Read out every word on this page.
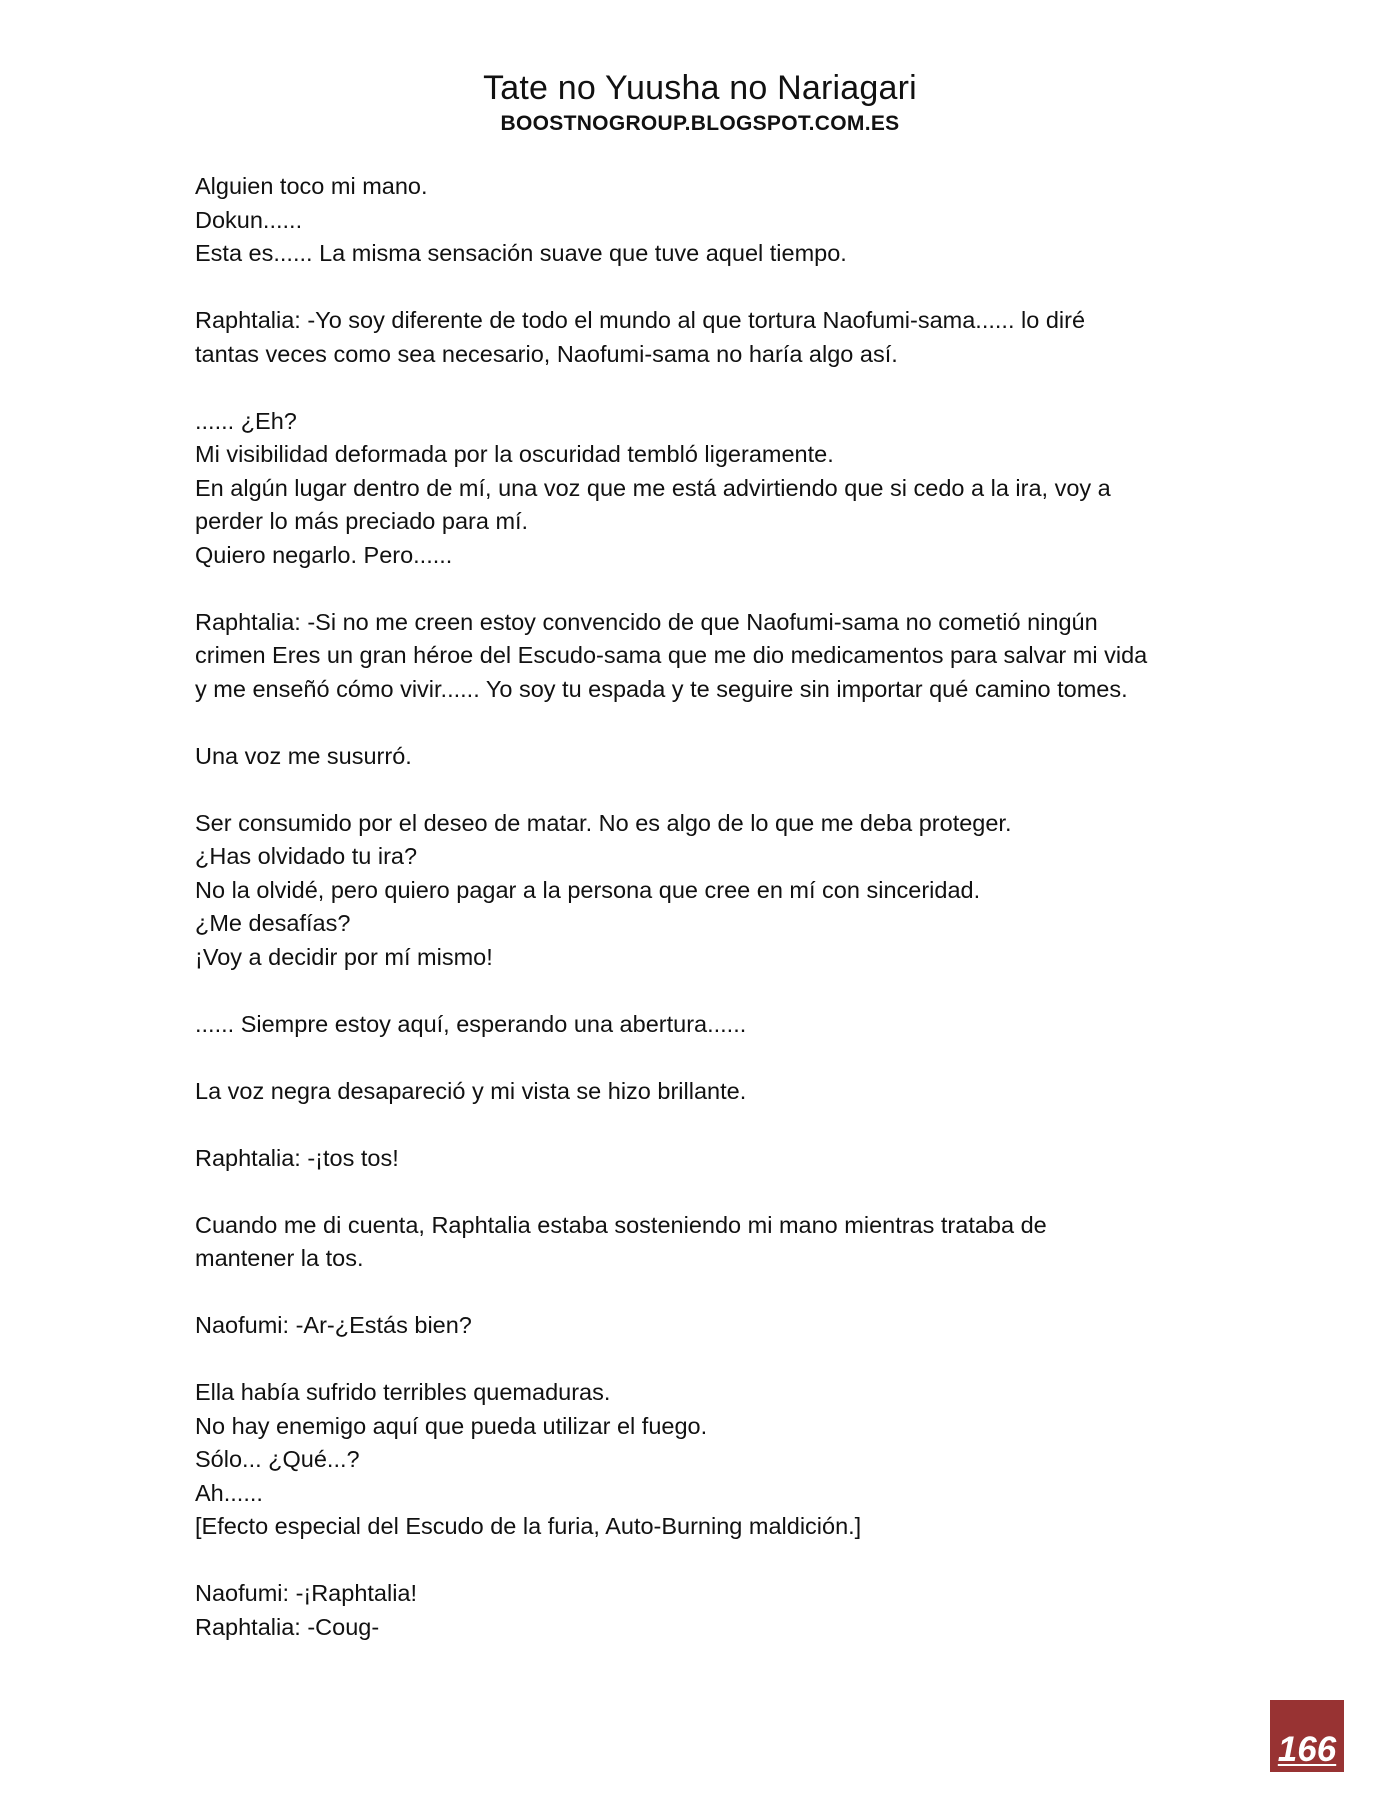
Tate no Yuusha no Nariagari
BOOSTNOGROUP.BLOGSPOT.COM.ES
Alguien toco mi mano.
Dokun......
Esta es...... La misma sensación suave que tuve aquel tiempo.
Raphtalia: -Yo soy diferente de todo el mundo al que tortura Naofumi-sama...... lo diré
tantas veces como sea necesario, Naofumi-sama no haría algo así.
...... ¿Eh?
Mi visibilidad deformada por la oscuridad tembló ligeramente.
En algún lugar dentro de mí, una voz que me está advirtiendo que si cedo a la ira, voy a
perder lo más preciado para mí.
Quiero negarlo. Pero......
Raphtalia: -Si no me creen estoy convencido de que Naofumi-sama no cometió ningún
crimen Eres un gran héroe del Escudo-sama que me dio medicamentos para salvar mi vida
y me enseñó cómo vivir...... Yo soy tu espada y te seguire sin importar qué camino tomes.
Una voz me susurró.
Ser consumido por el deseo de matar. No es algo de lo que me deba proteger.
¿Has olvidado tu ira?
No la olvidé, pero quiero pagar a la persona que cree en mí con sinceridad.
¿Me desafías?
¡Voy a decidir por mí mismo!
...... Siempre estoy aquí, esperando una abertura......
La voz negra desapareció y mi vista se hizo brillante.
Raphtalia: -¡tos tos!
Cuando me di cuenta, Raphtalia estaba sosteniendo mi mano mientras trataba de
mantener la tos.
Naofumi: -Ar-¿Estás bien?
Ella había sufrido terribles quemaduras.
No hay enemigo aquí que pueda utilizar el fuego.
Sólo... ¿Qué...?
Ah......
[Efecto especial del Escudo de la furia, Auto-Burning maldición.]
Naofumi: -¡Raphtalia!
Raphtalia: -Coug-
166
